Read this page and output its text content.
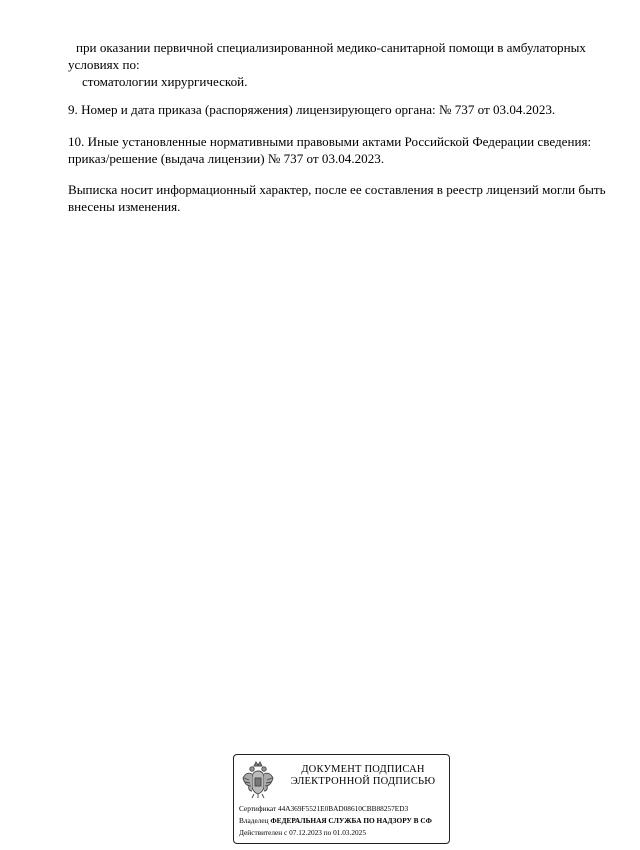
при оказании первичной специализированной медико-санитарной помощи в амбулаторных

условиях по:

стоматологии хирургической.

9. Номер и дата приказа (распоряжения) лицензирующего органа: № 737 от 03.04.2023.

10. Иные установленные нормативными правовыми актами Российской Федерации сведения:

приказ/решение (выдача лицензии) № 737 от 03.04.2023.

Выписка носит информационный характер, после ее составления в реестр лицензий могли быть

внесены изменения.

ДОКУМЕНТ ПОДПИСАН
ЭЛЕКТРОННОЙ ПОДПИСЬЮ
Сертификат 44A369F5521E0BAD08610CBB88257ED3
Владелец ФЕДЕРАЛЬНАЯ СЛУЖБА ПО НАДЗОРУ В СФ
Действителен с 07.12.2023 по 01.03.2025
